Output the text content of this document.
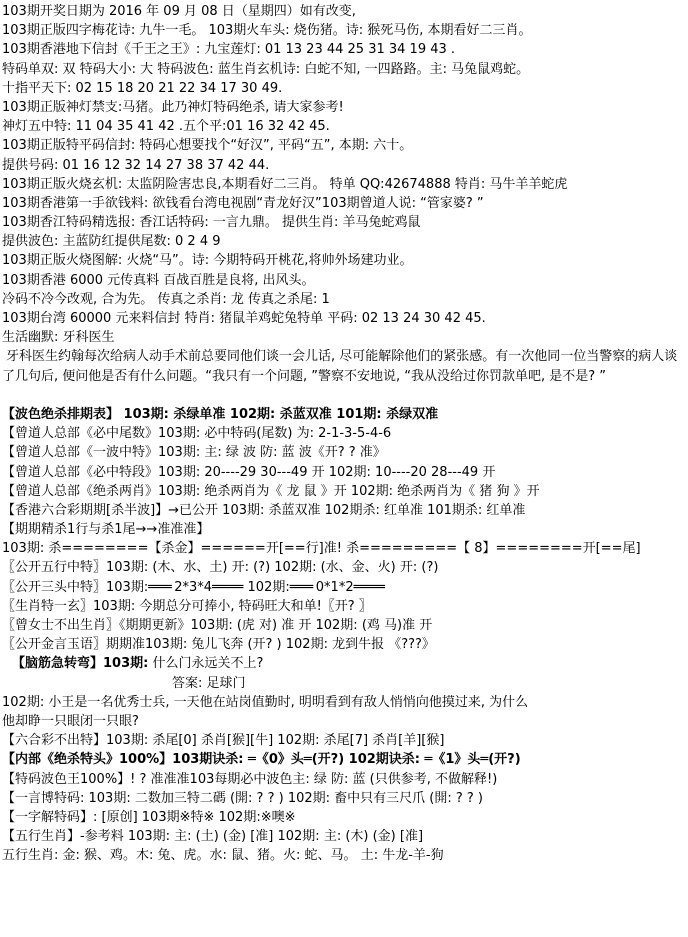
103期开奖日期为 2016 年 09 月 08 日（星期四）如有改变,
103期正版四字梅花诗: 九牛一毛。 103期火车头: 烧伤猪。诗: 猴死马伤, 本期看好二三肖。
103期香港地下信封《千王之王》: 九宝莲灯: 01 13 23 44 25 31 34 19 43 .
特码单双: 双 特码大小: 大 特码波色: 蓝生肖玄机诗: 白蛇不知, 一四路路。主: 马兔鼠鸡蛇。
十指平天下: 02 15 18 20 21 22 34 17 30 49.
103期正版神灯禁支:马猪。此乃神灯特码绝杀, 请大家参考!
神灯五中特: 11 04 35 41 42 .五个平:01 16 32 42 45.
103期正版特平码信封: 特码心想要找个“好汉”, 平码“五”, 本期: 六十。
提供号码: 01 16 12 32 14 27 38 37 42 44.
103期正版火烧玄机: 太监阴险害忠良,本期看好二三肖。 特单 QQ:42674888 特肖: 马牛羊羊蛇虎
103期香港第一手欲钱料: 欲钱看台湾电视剧“青龙好汉”103期曾道人说: “管家婆? ”
103期香江特码精选报: 香江话特码: 一言九鼎。 提供生肖: 羊马兔蛇鸡鼠
提供波色: 主蓝防红提供尾数: 0 2 4 9
103期正版火烧图解: 火烧“马”。诗: 今期特码开桃花,将帅外场建功业。
103期香港 6000 元传真料 百战百胜是良将, 出风头。
冷码不冷今改观, 合为先。 传真之杀肖: 龙 传真之杀尾: 1
103期台湾 60000 元来料信封 特肖: 猪鼠羊鸡蛇兔特单 平码: 02 13 24 30 42 45.
生活幽默: 牙科医生
牙科医生约翰每次给病人动手术前总要同他们谈一会儿话, 尽可能解除他们的紧张感。有一次他同一位当警察的病人谈了几句后, 便问他是否有什么问题。“我只有一个问题, ”警察不安地说, “我从没给过你罚款单吧, 是不是? ”
【波色绝杀排期表】 103期: 杀绿单准 102期: 杀蓝双准 101期: 杀绿双准
【曾道人总部《必中尾数》103期: 必中特码(尾数) 为: 2-1-3-5-4-6
【曾道人总部《一波中特》103期: 主: 绿 波 防: 蓝 波《开? ? 准》
【曾道人总部《必中特段》103期: 20----29 30---49 开 102期: 10----20 28---49 开
【曾道人总部《绝杀两肖》103期: 绝杀两肖为《 龙 鼠 》开 102期: 绝杀两肖为《 猪 狗 》开
【香港六合彩期期[杀半波]】→已公开 103期: 杀蓝双准 102期杀: 红单准 101期杀: 红单准
【期期精杀1行与杀1尾→→准准准】
103期: 杀========【杀金】======开[==行]准! 杀=========【 8】========开[==尾]
〖公开五行中特〗103期: (木、水、土) 开: (?) 102期: (水、金、火) 开: (?)
〖公开三头中特〗103期:═══ 2*3*4════ 102期:═══ 0*1*2════
〖生肖特一玄〗103期: 今期总分可捧小, 特码旺大和单!〖开? 〗
〖曾女士不出生肖〗《期期更新》103期: (虎 对) 准 开 102期: (鸡 马)准 开
〖公开金言玉语〗期期准103期: 兔儿飞奔 (开? ) 102期: 龙到牛报 《???》
【脑筋急转弯】103期: 什么门永远关不上?
答案: 足球门
102期: 小王是一名优秀士兵, 一天他在站岗值勤时, 明明看到有敌人悄悄向他摸过来, 为什么
他却睁一只眼闭一只眼?
【六合彩不出特】103期: 杀尾[0] 杀肖[猴][牛] 102期: 杀尾[7] 杀肖[羊][猴]
【内部《绝杀特头》100%】103期诀杀: ═《0》头═(开?) 102期诀杀: ═《1》头═(开?)
【特码波色王100%】! ? 准准准103每期必中波色主: 绿 防: 蓝 (只供参考, 不做解释!)
【一言博特码: 103期: 二数加三特二碼 (開: ? ? ) 102期: 畜中只有三尺爪 (開: ? ? )
【一字解特码】: [原创] 103期※特※ 102期:※噢※
【五行生肖】-参考料 103期: 主: (土) (金) [准] 102期: 主: (木) (金) [准]
五行生肖: 金: 猴、鸡。木: 兔、虎。水: 鼠、猪。火: 蛇、马。 土: 牛龙-羊-狗
